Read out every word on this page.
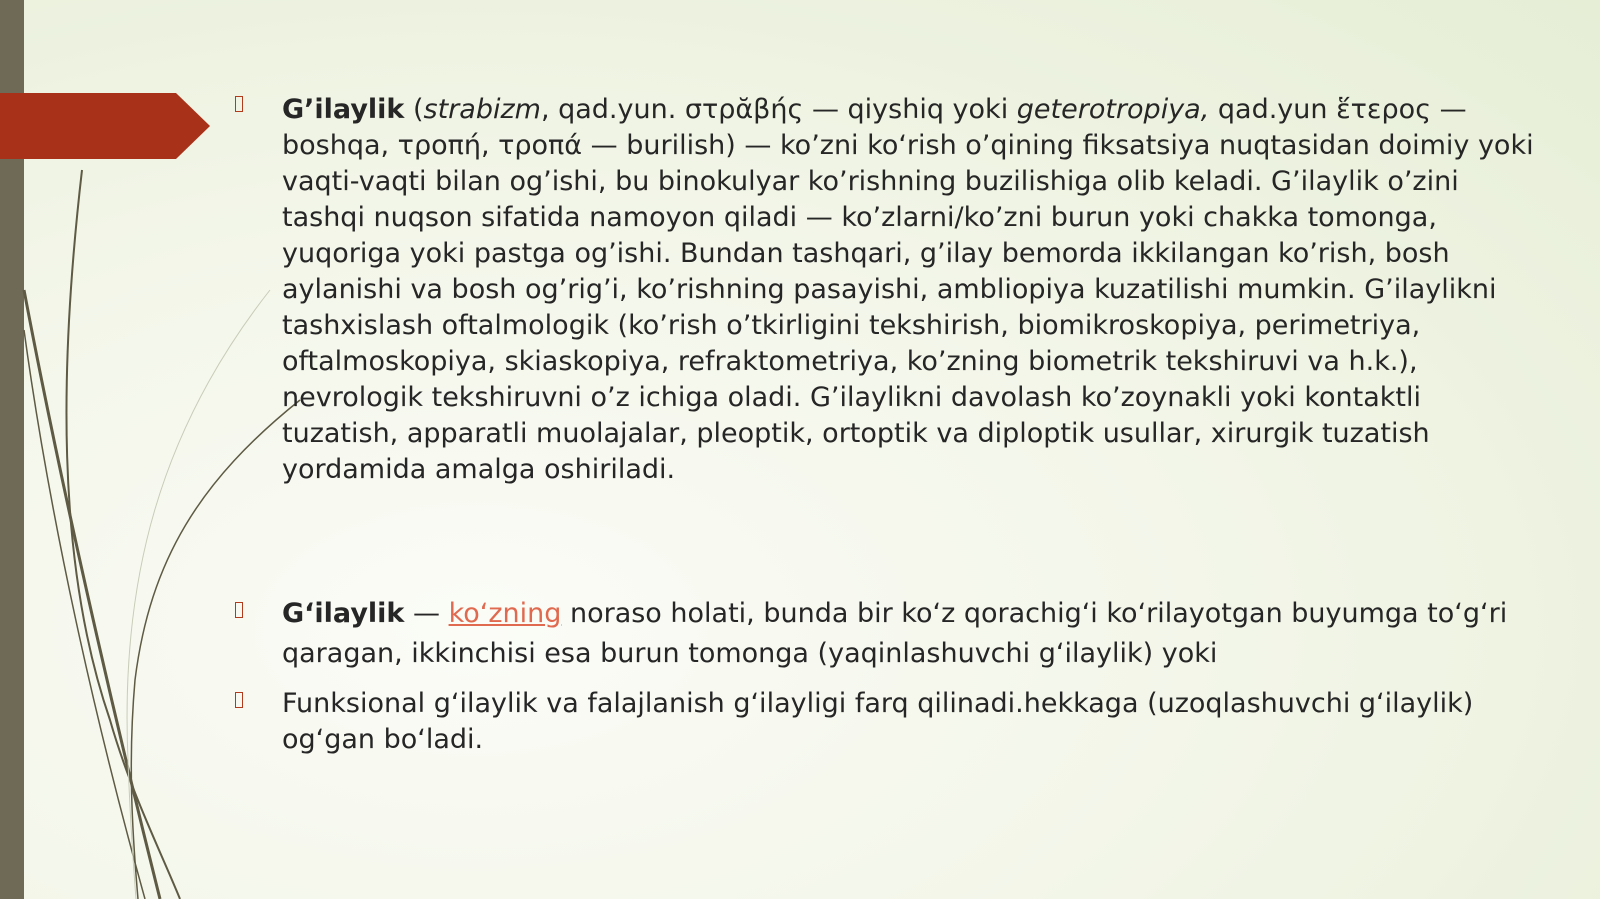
G’ilaylik (strabizm, qad.yun. στρᾰβής — qiyshiq yoki geterotropiya, qad.yun ἕτερος — boshqa, τροπή, τροπά — burilish) — ko’zni ko‘rish o’qining fiksatsiya nuqtasidan doimiy yoki vaqti-vaqti bilan og’ishi, bu binokulyar ko’rishning buzilishiga olib keladi. G’ilaylik o’zini tashqi nuqson sifatida namoyon qiladi — ko’zlarni/ko’zni burun yoki chakka tomonga, yuqoriga yoki pastga og’ishi. Bundan tashqari, g’ilay bemorda ikkilangan ko’rish, bosh aylanishi va bosh og’rig’i, ko’rishning pasayishi, ambliopiya kuzatilishi mumkin. G’ilaylikni tashxislash oftalmologik (ko’rish o’tkirligini tekshirish, biomikroskopiya, perimetriya, oftalmoskopiya, skiaskopiya, refraktometriya, ko’zning biometrik tekshiruvi va h.k.), nevrologik tekshiruvni o’z ichiga oladi. G’ilaylikni davolash ko’zoynakli yoki kontaktli tuzatish, apparatli muolajalar, pleoptik, ortoptik va diploptik usullar, xirurgik tuzatish yordamida amalga oshiriladi.
G‘ilaylik — koʻzning noraso holati, bunda bir koʻz qorachigʻi koʻrilayotgan buyumga toʻgʻri qaragan, ikkinchisi esa burun tomonga (yaqinlashuvchi gʻilaylik) yoki
Funksional gʻilaylik va falajlanish gʻilayligi farq qilinadi.hekkaga (uzoqlashuvchi gʻilaylik) ogʻgan boʻladi.
